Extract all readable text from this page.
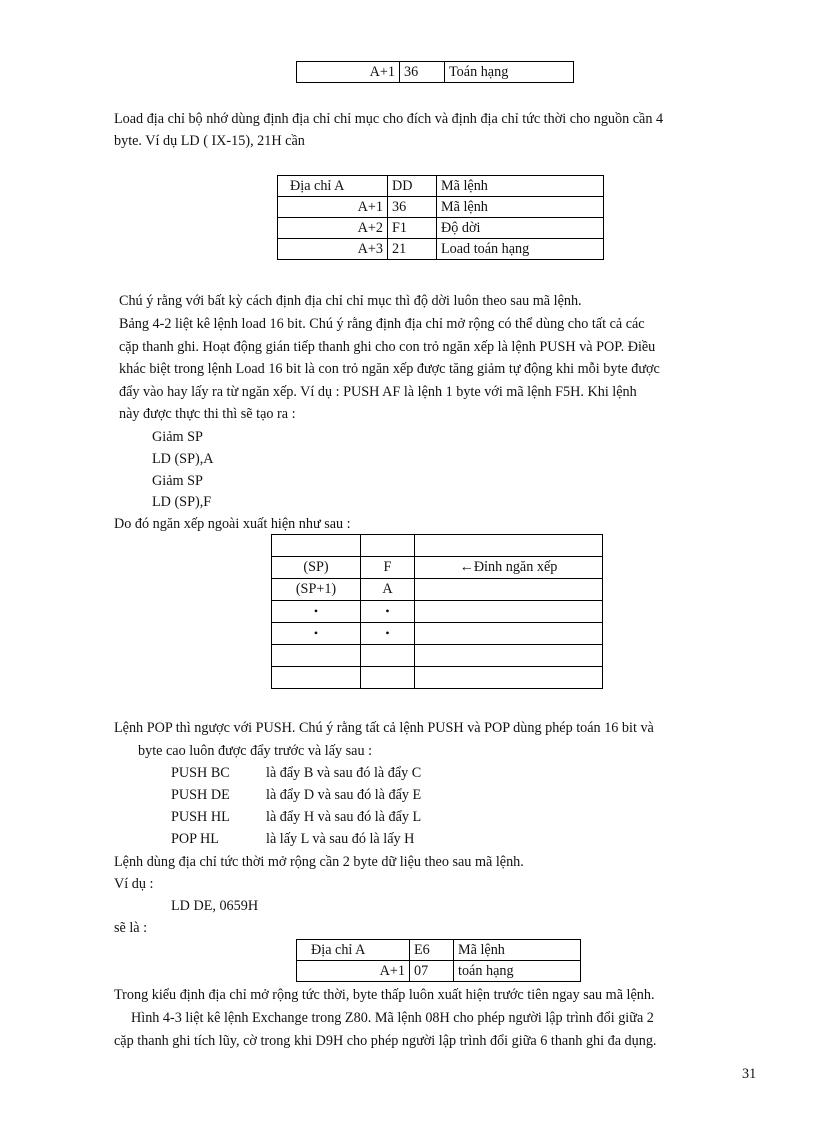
A+1	36	Toán hạng
Load địa chỉ bộ nhớ dùng định địa chỉ chỉ mục cho đích và định địa chỉ tức thời cho nguồn cần 4
byte. Ví dụ LD ( IX-15), 21H cần
Địa chỉ A	DD	Mã lệnh
A+1	36	Mã lệnh
A+2	F1	Độ dời
A+3	21	Load toán hạng
Chú ý rằng với bất kỳ cách định địa chỉ chỉ mục thì độ dời luôn theo sau mã lệnh.
Bảng 4-2 liệt kê lệnh load 16 bit. Chú ý rằng định địa chỉ mở rộng có thể dùng cho tất cả các
cặp thanh ghi. Hoạt động gián tiếp thanh ghi cho con trỏ ngăn xếp là lệnh PUSH và POP. Điều
khác biệt trong lệnh Load 16 bit là con trỏ ngăn xếp được tăng giảm tự động khi mỗi byte được
đẩy vào hay lấy ra từ ngăn xếp. Ví dụ : PUSH AF là lệnh 1 byte với mã lệnh F5H. Khi lệnh
này được thực thi thì sẽ tạo ra :
Giảm SP
LD (SP),A
Giảm SP
LD (SP),F
Do đó ngăn xếp ngoài xuất hiện như sau :

(SP)	F	←Đỉnh ngăn xếp
(SP+1)	A	
•	•	
•	•	

Lệnh POP thì ngược với PUSH. Chú ý rằng tất cả lệnh PUSH và POP dùng phép toán 16 bit và
byte cao luôn được đẩy trước và lấy sau :
PUSH BC	là đẩy B và sau đó là đẩy C
PUSH DE	là đẩy D và sau đó là đẩy E
PUSH HL	là đẩy H và sau đó là đẩy L
POP HL	là lấy L và sau đó là lấy H
Lệnh dùng địa chỉ tức thời mở rộng cần 2 byte dữ liệu theo sau mã lệnh.
Ví dụ :
LD DE, 0659H
sẽ là :
Địa chỉ A	E6	Mã lệnh
A+1	07	toán hạng
Trong kiểu định địa chỉ mở rộng tức thời, byte thấp luôn xuất hiện trước tiên ngay sau mã lệnh.
Hình 4-3 liệt kê lệnh Exchange trong Z80. Mã lệnh 08H cho phép người lập trình đổi giữa 2
cặp thanh ghi tích lũy, cờ trong khi D9H cho phép người lập trình đổi giữa 6 thanh ghi đa dụng.
31
